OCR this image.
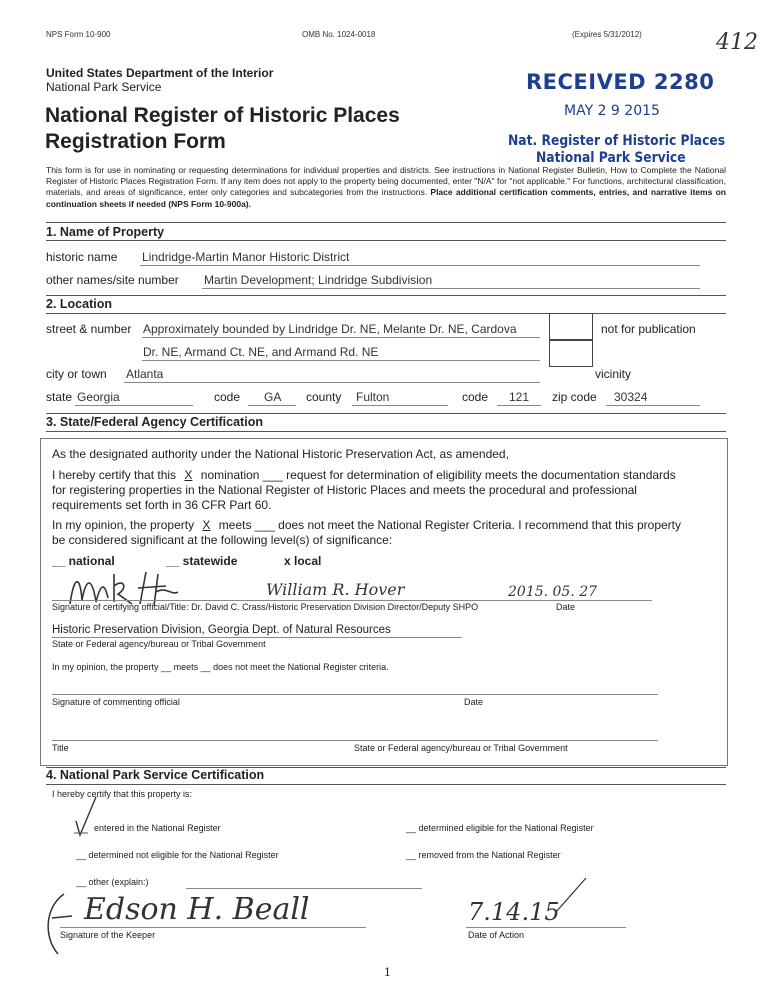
NPS Form 10-900	OMB No. 1024-0018	(Expires 5/31/2012)	412
United States Department of the Interior
National Park Service
National Register of Historic Places
Registration Form
RECEIVED 2280
MAY 2 9 2015
Nat. Register of Historic Places
National Park Service
This form is for use in nominating or requesting determinations for individual properties and districts. See instructions in National Register Bulletin, How to Complete the National Register of Historic Places Registration Form. If any item does not apply to the property being documented, enter "N/A" for "not applicable." For functions, architectural classification, materials, and areas of significance, enter only categories and subcategories from the instructions. Place additional certification comments, entries, and narrative items on continuation sheets if needed (NPS Form 10-900a).
1. Name of Property
historic name Lindridge-Martin Manor Historic District
other names/site number Martin Development; Lindridge Subdivision
2. Location
street & number Approximately bounded by Lindridge Dr. NE, Melante Dr. NE, Cardova
Dr. NE, Armand Ct. NE, and Armand Rd. NE
not for publication
city or town Atlanta	vicinity
state Georgia	code GA county Fulton	code 121 zip code 30324
3. State/Federal Agency Certification
As the designated authority under the National Historic Preservation Act, as amended,
I hereby certify that this X nomination ___ request for determination of eligibility meets the documentation standards
for registering properties in the National Register of Historic Places and meets the procedural and professional
requirements set forth in 36 CFR Part 60.
In my opinion, the property X meets ___ does not meet the National Register Criteria. I recommend that this property
be considered significant at the following level(s) of significance:
__ national	__ statewide	x local
William R. Hover	2015. 05. 27
Signature of certifying official/Title: Dr. David C. Crass/Historic Preservation Division Director/Deputy SHPO	Date
Historic Preservation Division, Georgia Dept. of Natural Resources
State or Federal agency/bureau or Tribal Government
In my opinion, the property __ meets __ does not meet the National Register criteria.
Signature of commenting official	Date
Title	State or Federal agency/bureau or Tribal Government
4. National Park Service Certification
I hereby certify that this property is:
entered in the National Register	__ determined eligible for the National Register
__ determined not eligible for the National Register	__ removed from the National Register
__ other (explain:)
Edson H. Beall
Signature of the Keeper
7.14.15
Date of Action
1
